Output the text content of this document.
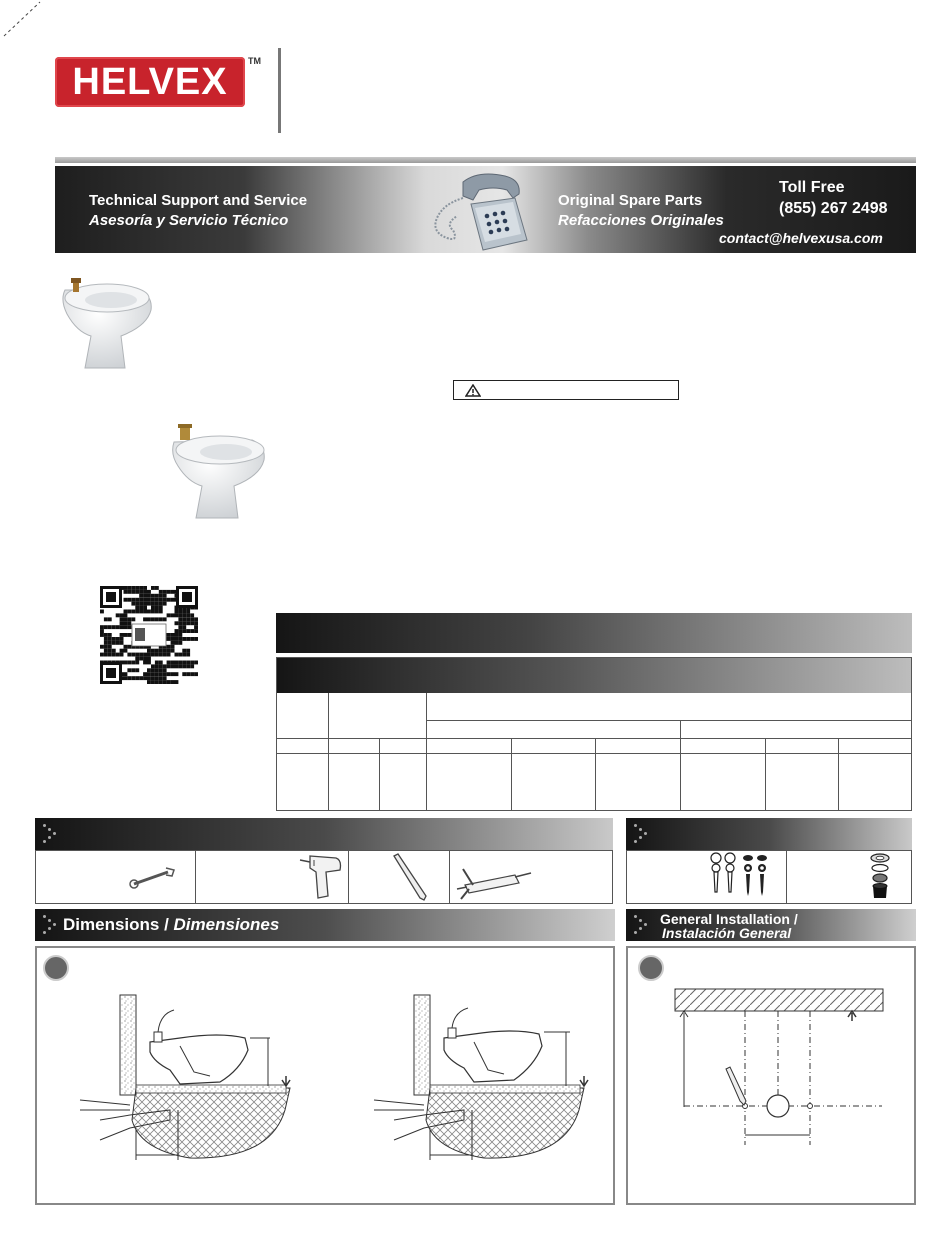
HELVEX TM
Technical Support and Service
Asesoría y Servicio Técnico
Original Spare Parts
Refacciones Originales
Toll Free
(855) 267 2498
contact@helvexusa.com
Dimensions / Dimensiones	General Installation /
Instalación General
